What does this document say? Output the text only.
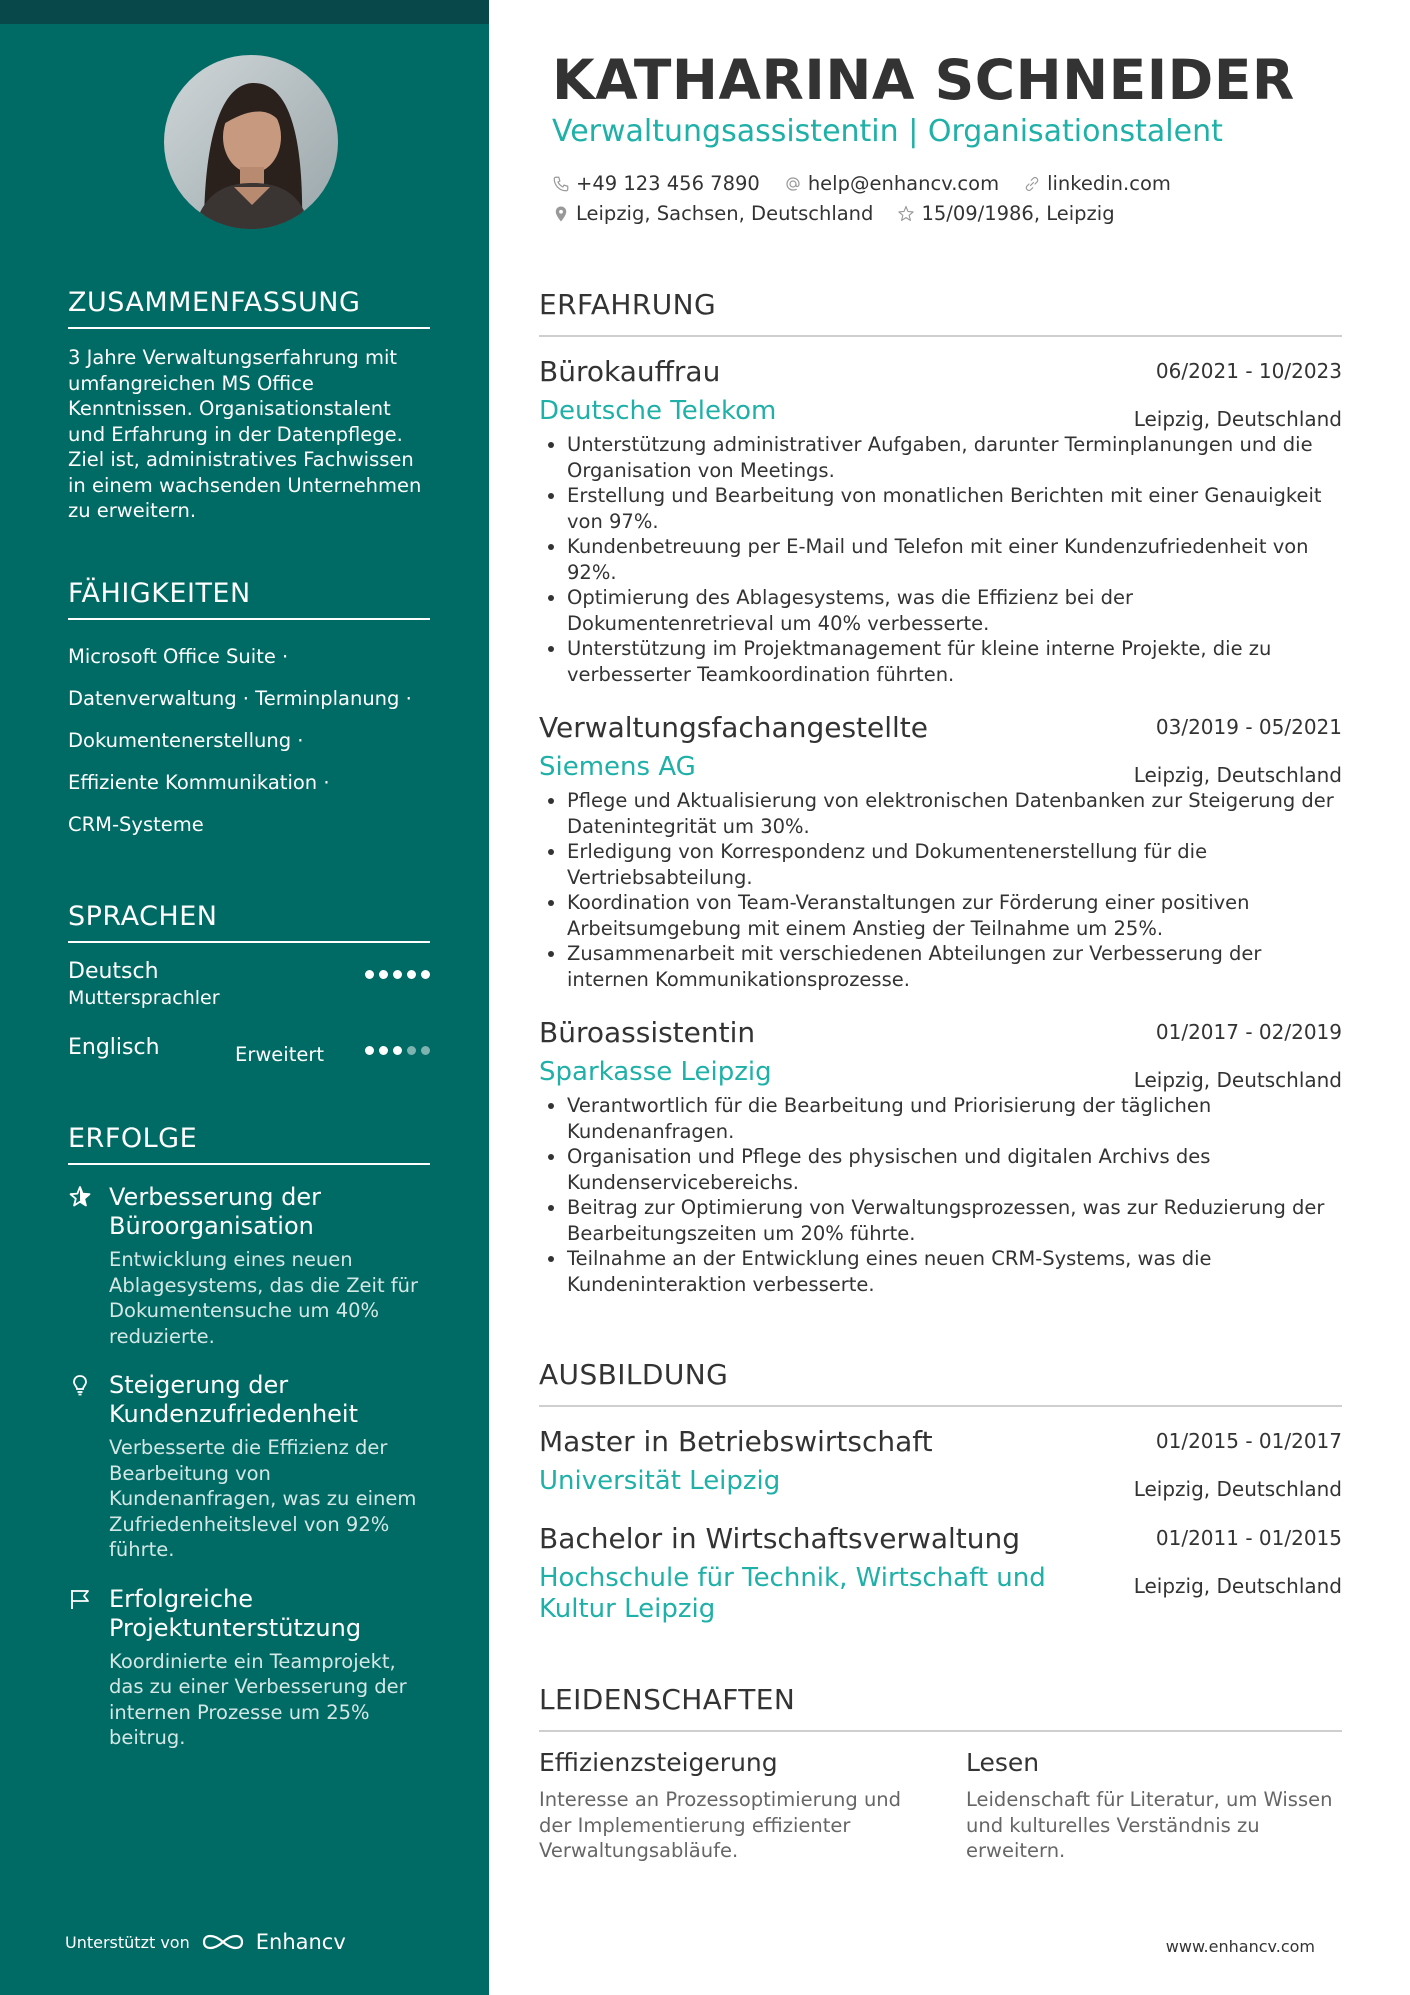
ZUSAMMENFASSUNG

3 Jahre Verwaltungserfahrung mit umfangreichen MS Office Kenntnissen. Organisationstalent und Erfahrung in der Datenpflege. Ziel ist, administratives Fachwissen in einem wachsenden Unternehmen zu erweitern.

FÄHIGKEITEN
Microsoft Office Suite ·
Datenverwaltung · Terminplanung ·
Dokumentenerstellung ·
Effiziente Kommunikation ·
CRM-Systeme
SPRACHEN
Deutsch
Muttersprachler
Englisch	Erweitert
ERFOLGE
Verbesserung der Büroorganisation
Entwicklung eines neuen Ablagesystems, das die Zeit für Dokumentensuche um 40% reduzierte.
Steigerung der Kundenzufriedenheit
Verbesserte die Effizienz der Bearbeitung von Kundenanfragen, was zu einem Zufriedenheitslevel von 92% führte.
Erfolgreiche Projektunterstützung
Koordinierte ein Teamprojekt, das zu einer Verbesserung der internen Prozesse um 25% beitrug.
Unterstützt von	Enhancv
KATHARINA SCHNEIDER
Verwaltungsassistentin | Organisationstalent
+49 123 456 7890 help@enhancv.com linkedin.com
Leipzig, Sachsen, Deutschland 15/09/1986, Leipzig
ERFAHRUNG
Bürokauffrau	06/2021 - 10/2023
Deutsche Telekom	Leipzig, Deutschland
• Unterstützung administrativer Aufgaben, darunter Terminplanungen und die Organisation von Meetings.
• Erstellung und Bearbeitung von monatlichen Berichten mit einer Genauigkeit von 97%.
• Kundenbetreuung per E-Mail und Telefon mit einer Kundenzufriedenheit von 92%.
• Optimierung des Ablagesystems, was die Effizienz bei der Dokumentenretrieval um 40% verbesserte.
• Unterstützung im Projektmanagement für kleine interne Projekte, die zu verbesserter Teamkoordination führten.
Verwaltungsfachangestellte	03/2019 - 05/2021
Siemens AG	Leipzig, Deutschland
• Pflege und Aktualisierung von elektronischen Datenbanken zur Steigerung der Datenintegrität um 30%.
• Erledigung von Korrespondenz und Dokumentenerstellung für die Vertriebsabteilung.
• Koordination von Team-Veranstaltungen zur Förderung einer positiven Arbeitsumgebung mit einem Anstieg der Teilnahme um 25%.
• Zusammenarbeit mit verschiedenen Abteilungen zur Verbesserung der internen Kommunikationsprozesse.
Büroassistentin	01/2017 - 02/2019
Sparkasse Leipzig	Leipzig, Deutschland
• Verantwortlich für die Bearbeitung und Priorisierung der täglichen Kundenanfragen.
• Organisation und Pflege des physischen und digitalen Archivs des Kundenservicebereichs.
• Beitrag zur Optimierung von Verwaltungsprozessen, was zur Reduzierung der Bearbeitungszeiten um 20% führte.
• Teilnahme an der Entwicklung eines neuen CRM-Systems, was die Kundeninteraktion verbesserte.
AUSBILDUNG
Master in Betriebswirtschaft	01/2015 - 01/2017
Universität Leipzig	Leipzig, Deutschland
Bachelor in Wirtschaftsverwaltung	01/2011 - 01/2015
Hochschule für Technik, Wirtschaft und Kultur Leipzig
Leipzig, Deutschland
LEIDENSCHAFTEN
Effizienzsteigerung
Interesse an Prozessoptimierung und der Implementierung effizienter Verwaltungsabläufe.
Lesen
Leidenschaft für Literatur, um Wissen und kulturelles Verständnis zu erweitern.
www.enhancv.com
